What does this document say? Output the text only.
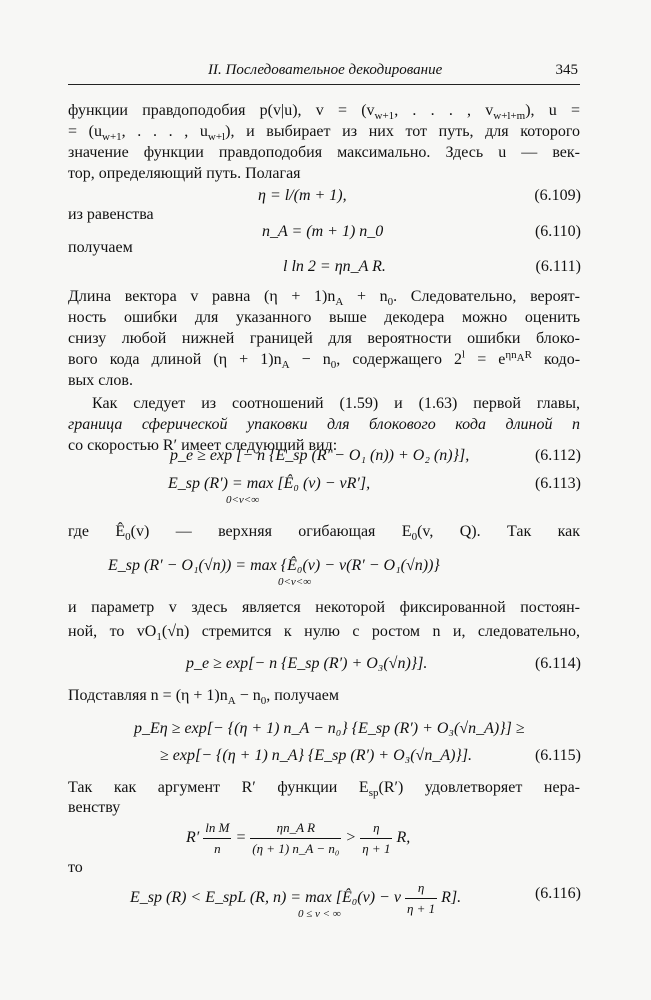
II. Последовательное декодирование	345
функции правдоподобия p(v|u), $v = (v_{w+1}$, . . . , $v_{w+l+m}$), u =
= ($u_{w+1}$, . . . , $u_{w+l}$), и выбирает из них тот путь, для которого
значение функции правдоподобия максимально. Здесь u — век-
тор, определяющий путь. Полагая
η = l/(m + 1),	(6.109)
из равенства
n_A = (m + 1) n_0	(6.110)
получаем
l ln 2 = ηn_A R.	(6.111)
Длина вектора v равна $(\eta + 1)n_A + n_0$. Следовательно, вероят-
ность ошибки для указанного выше декодера можно оценить
снизу любой нижней границей для вероятности ошибки блоко-
вого кода длиной $(\eta + 1)n_A - n_0$, содержащего $2^l = e^{\eta n_AR}$ кодо-
вых слов.
Как следует из соотношений (1.59) и (1.63) первой главы,
граница сферической упаковки для блокового кода длиной n
со скоростью R′ имеет следующий вид:
p_e ≥ exp [− n {E_sp (R′ − O₁ (n)) + O₂ (n)}],	(6.112)
E_sp (R′) = max [Ê₀ (v) − vR′],
0<v<∞
(6.113)
где $Ê_0(v)$ — верхняя огибающая $E_0(v$, Q). Так как
E_sp (R′ − O₁(√n)) = max {Ê₀(v) − v(R′ − O₁(√n))}
0<v<∞
и параметр v здесь является некоторой фиксированной постоян-
ной, то $vO_1(√n)$ стремится к нулю с ростом n и, следовательно,
p_e ≥ exp[− n {E_sp (R′) + O₃(√n)}].	(6.114)
Подставляя $n = (\eta + 1)n_A - n_0$, получаем
p_Eη ≥ exp[− {(η + 1) n_A − n₀} {E_sp (R′) + O₃(√n_A)}] ≥
≥ exp[− {(η + 1) n_A} {E_sp (R′) + O₃(√n_A)}].	(6.115)
Так как аргумент R′ функции $E_{sp}(R')$ удовлетворяет нера-
венству
$R' \frac{\text{ln M}}{n} = \frac{\text{ηn\_A R}}{\text{(η + 1) n\_A − n₀}} > \frac{\eta}{\eta + 1} R$,
то
E_sp (R) < E_spL (R, n) = max [Ê₀(v) − v $\frac{\eta}{\eta + 1} R$].
0 ≤ v < ∞
(6.116)
